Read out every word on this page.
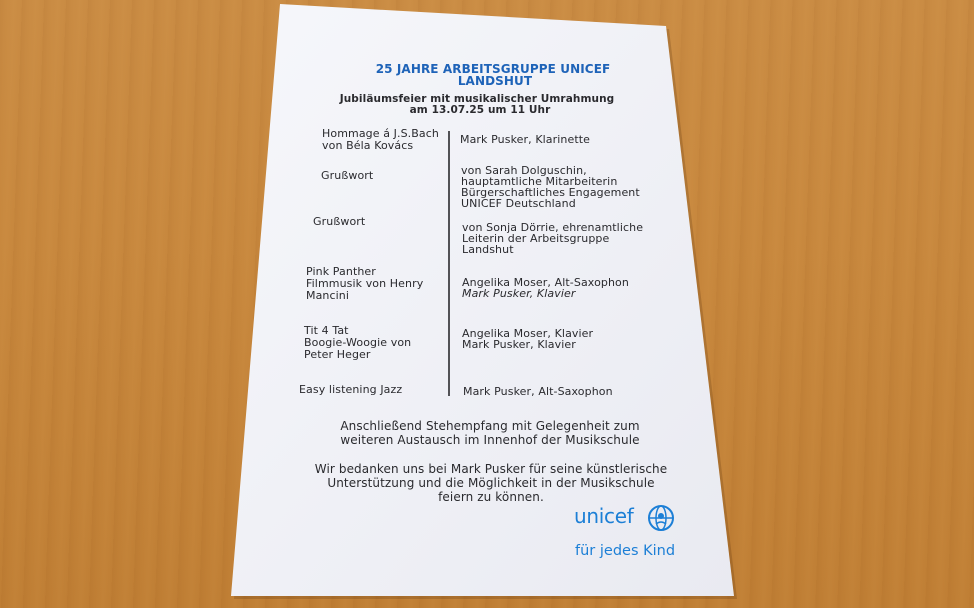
25 JAHRE ARBEITSGRUPPE UNICEF
LANDSHUT
Jubiläumsfeier mit musikalischer Umrahmung
am 13.07.25 um 11 Uhr
Hommage á J.S.Bach
von Béla Kovács
Grußwort
Grußwort
Pink Panther
Filmmusik von Henry
Mancini
Tit 4 Tat
Boogie-Woogie von
Peter Heger
Easy listening Jazz
Mark Pusker, Klarinette
von Sarah Dolguschin,
hauptamtliche Mitarbeiterin
Bürgerschaftliches Engagement
UNICEF Deutschland
von Sonja Dörrie, ehrenamtliche
Leiterin der Arbeitsgruppe
Landshut
Angelika Moser, Alt-Saxophon
Mark Pusker, Klavier
Angelika Moser, Klavier
Mark Pusker, Klavier
Mark Pusker, Alt-Saxophon
Anschließend Stehempfang mit Gelegenheit zum
weiteren Austausch im Innenhof der Musikschule
Wir bedanken uns bei Mark Pusker für seine künstlerische
Unterstützung und die Möglichkeit in der Musikschule
feiern zu können.
unicef
für jedes Kind
